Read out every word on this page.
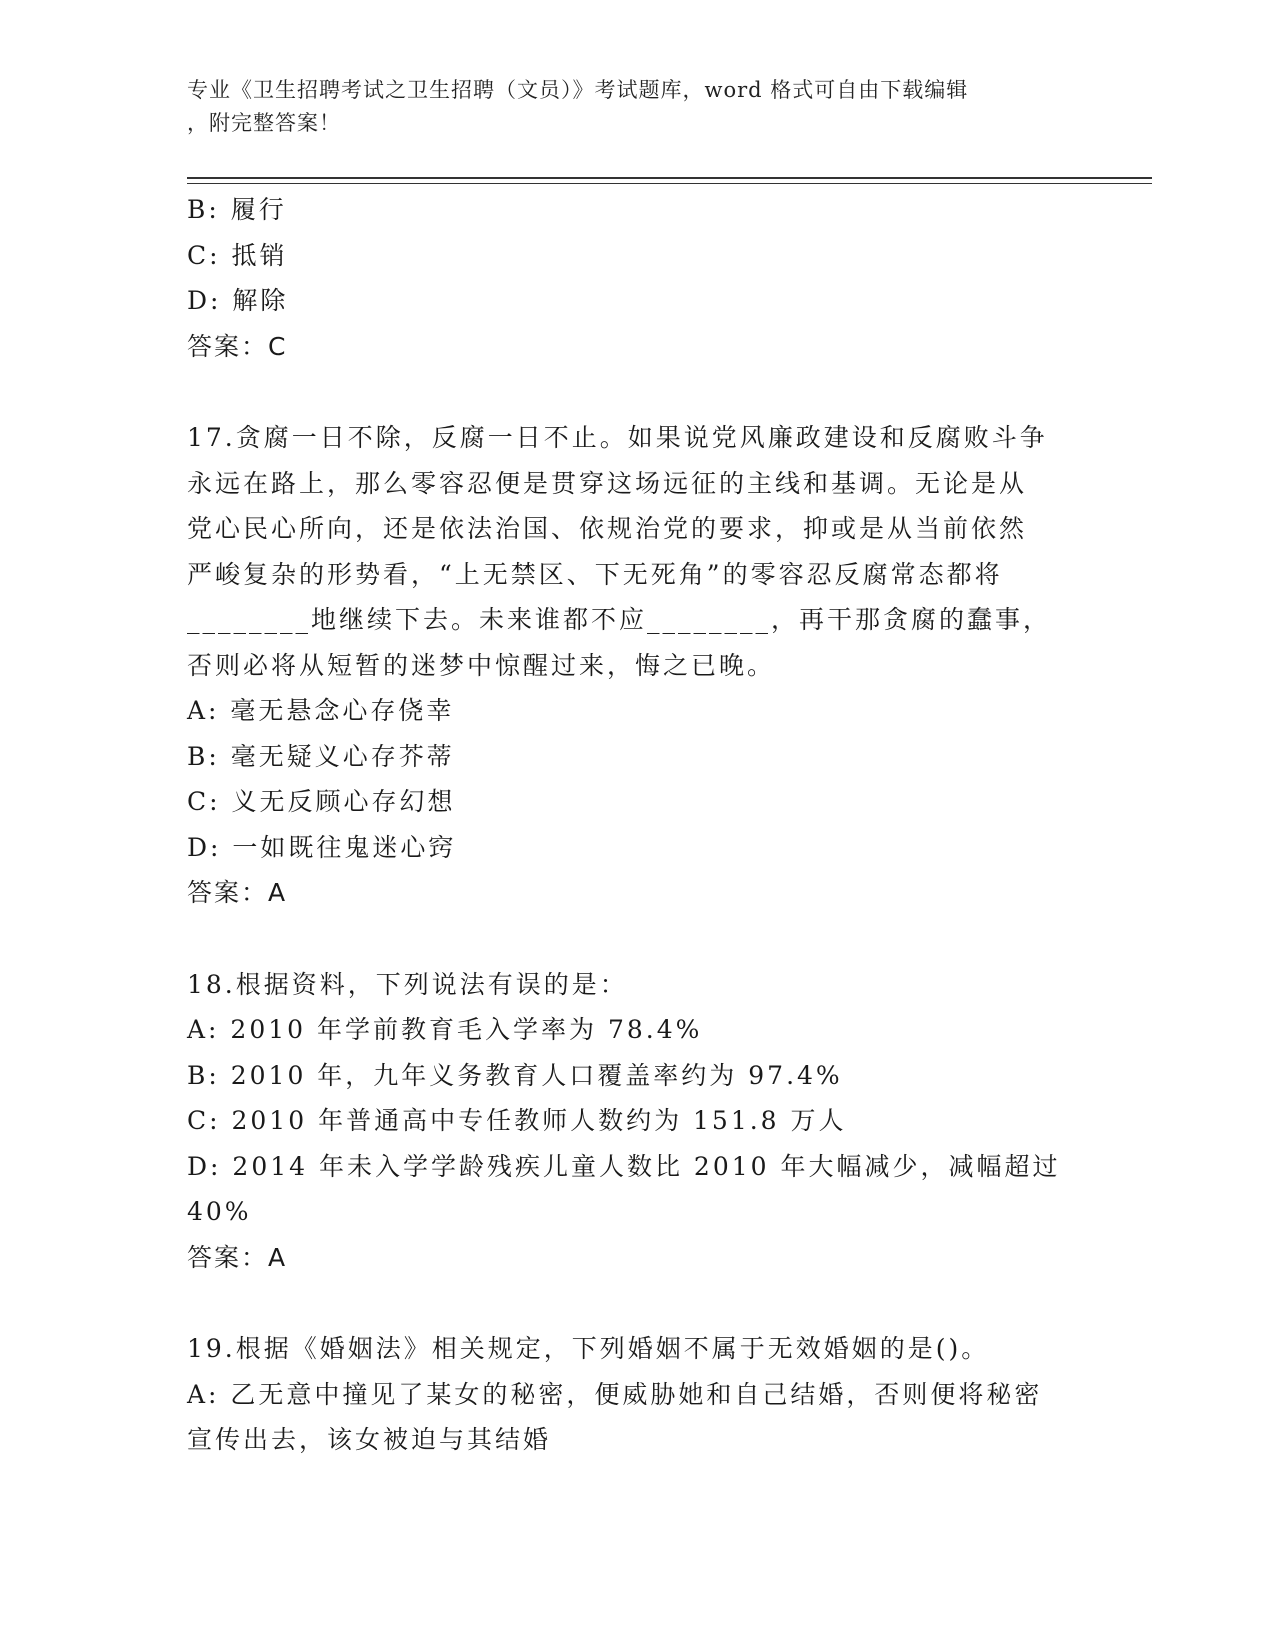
专业《卫生招聘考试之卫生招聘（文员）》考试题库，word 格式可自由下载编辑
，附完整答案！
B: 履行
C: 抵销
D: 解除
答案：C
17.贪腐一日不除，反腐一日不止。如果说党风廉政建设和反腐败斗争
永远在路上，那么零容忍便是贯穿这场远征的主线和基调。无论是从
党心民心所向，还是依法治国、依规治党的要求，抑或是从当前依然
严峻复杂的形势看，“上无禁区、下无死角”的零容忍反腐常态都将
________地继续下去。未来谁都不应________，再干那贪腐的蠢事，
否则必将从短暂的迷梦中惊醒过来，悔之已晚。
A: 毫无悬念心存侥幸
B: 毫无疑义心存芥蒂
C: 义无反顾心存幻想
D: 一如既往鬼迷心窍
答案：A
18.根据资料，下列说法有误的是：
A: 2010 年学前教育毛入学率为 78.4%
B: 2010 年，九年义务教育人口覆盖率约为 97.4%
C: 2010 年普通高中专任教师人数约为 151.8 万人
D: 2014 年未入学学龄残疾儿童人数比 2010 年大幅减少，减幅超过
40%
答案：A
19.根据《婚姻法》相关规定，下列婚姻不属于无效婚姻的是()。
A: 乙无意中撞见了某女的秘密，便威胁她和自己结婚，否则便将秘密
宣传出去，该女被迫与其结婚
